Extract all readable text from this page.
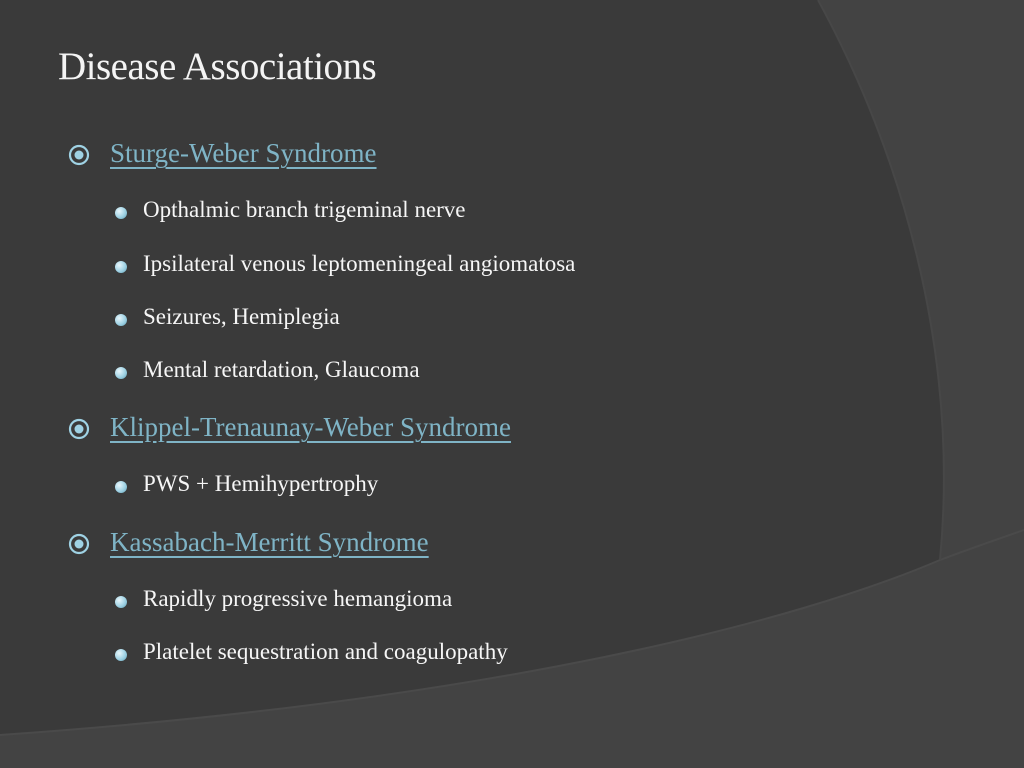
Disease Associations
Sturge-Weber Syndrome
Opthalmic branch trigeminal nerve
Ipsilateral venous leptomeningeal angiomatosa
Seizures, Hemiplegia
Mental retardation, Glaucoma
Klippel-Trenaunay-Weber Syndrome
PWS + Hemihypertrophy
Kassabach-Merritt Syndrome
Rapidly progressive hemangioma
Platelet sequestration and coagulopathy
